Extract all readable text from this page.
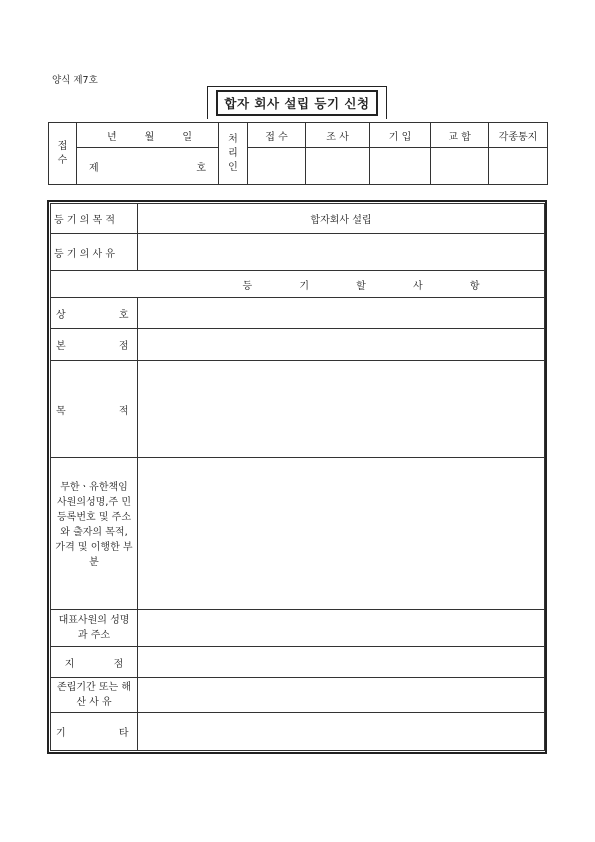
양식 제7호
합자 회사 설립 등기 신청
접수	년 월 일	처리인	접 수	조 사	기 입	교 합	각종통지

	제 호						

등 기 의 목 적	합자회사 설립

등 기 의 사 유	

등 기 할 사 항	

상 호	

본 점	

목 적	

무한ㆍ유한책임 사원의성명,주 민등록번호 및 주소와 출자의 목적, 가격 및 이행한 부분	

대표사원의 성명 과 주소	

지 점	

존립기간 또는 해 산 사 유	

기 타	
